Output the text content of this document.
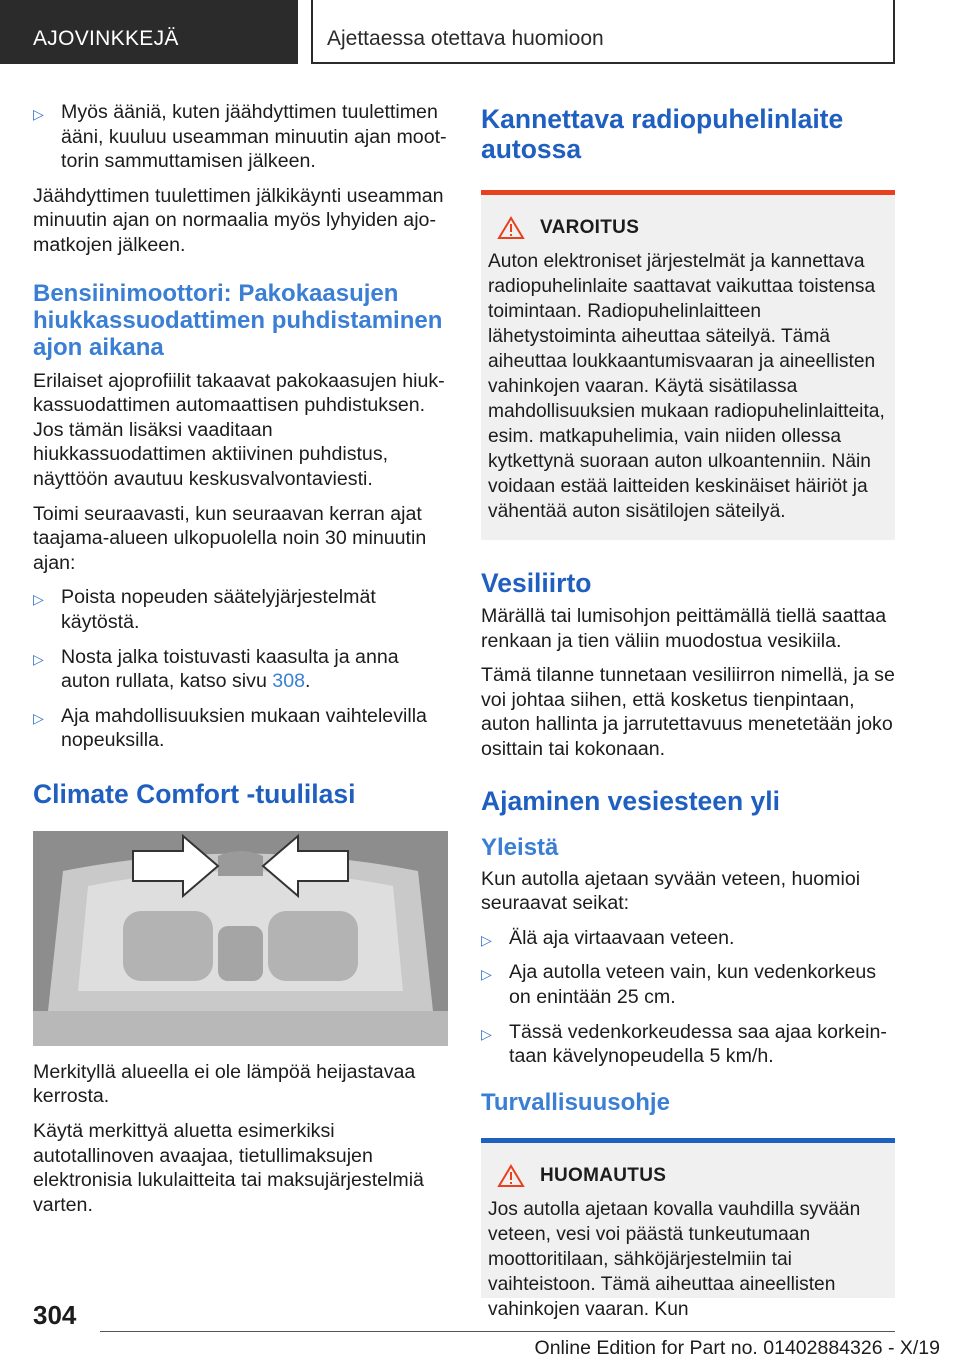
AJOVINKKEJÄ	Ajettaessa otettava huomioon
▷ Myös ääniä, kuten jäähdyttimen tuulettimen ääni, kuuluu useamman minuutin ajan moottorin sammuttamisen jälkeen.

Jäähdyttimen tuulettimen jälkikäynti useamman minuutin ajan on normaalia myös lyhyiden ajomatkojen jälkeen.

Bensiinimoottori: Pakokaasujen hiukkassuodattimen puhdistaminen ajon aikana

Erilaiset ajoprofiilit takaavat pakokaasujen hiukkassuodattimen automaattisen puhdistuksen. Jos tämän lisäksi vaaditaan hiukkassuodattimen aktiivinen puhdistus, näyttöön avautuu keskusvalvontaviesti.

Toimi seuraavasti, kun seuraavan kerran ajat taajama-alueen ulkopuolella noin 30 minuutin ajan:

▷ Poista nopeuden säätelyjärjestelmät käytöstä.
▷ Nosta jalka toistuvasti kaasulta ja anna auton rullata, katso sivu 308.
▷ Aja mahdollisuuksien mukaan vaihtelevilla nopeuksilla.
Climate Comfort -tuulilasi

Merkityllä alueella ei ole lämpöä heijastavaa kerrosta.

Käytä merkittyä aluetta esimerkiksi autotallinoven avaajaa, tietullimaksujen elektronisia lukulaitteita tai maksujärjestelmiä varten.

Kannettava radiopuhelinlaite autossa
VAROITUS

Auton elektroniset järjestelmät ja kannettava radiopuhelinlaite saattavat vaikuttaa toistensa toimintaan. Radiopuhelinlaitteen lähetystoiminta aiheuttaa säteilyä. Tämä aiheuttaa loukkaantumisvaaran ja aineellisten vahinkojen vaaran. Käytä sisätilassa mahdollisuuksien mukaan radiopuhelinlaitteita, esim. matkapuhelimia, vain niiden ollessa kytkettynä suoraan auton ulkoantenniin. Näin voidaan estää laitteiden keskinäiset häiriöt ja vähentää auton sisätilojen säteilyä.

Vesiliirto

Märällä tai lumisohjon peittämällä tiellä saattaa renkaan ja tien väliin muodostua vesikiila.

Tämä tilanne tunnetaan vesiliirron nimellä, ja se voi johtaa siihen, että kosketus tienpintaan, auton hallinta ja jarrutettavuus menetetään joko osittain tai kokonaan.

Ajaminen vesiesteen yli
Yleistä

Kun autolla ajetaan syvään veteen, huomioi seuraavat seikat:

▷ Älä aja virtaavaan veteen.
▷ Aja autolla veteen vain, kun vedenkorkeus on enintään 25 cm.
▷ Tässä vedenkorkeudessa saa ajaa korkeintaan kävelynopeudella 5 km/h.
Turvallisuusohje
HUOMAUTUS

Jos autolla ajetaan kovalla vauhdilla syvään veteen, vesi voi päästä tunkeutumaan moottoritilaan, sähköjärjestelmiin tai vaihteistoon. Tämä aiheuttaa aineellisten vahinkojen vaaran. Kun

304
Online Edition for Part no. 01402884326 - X/19
